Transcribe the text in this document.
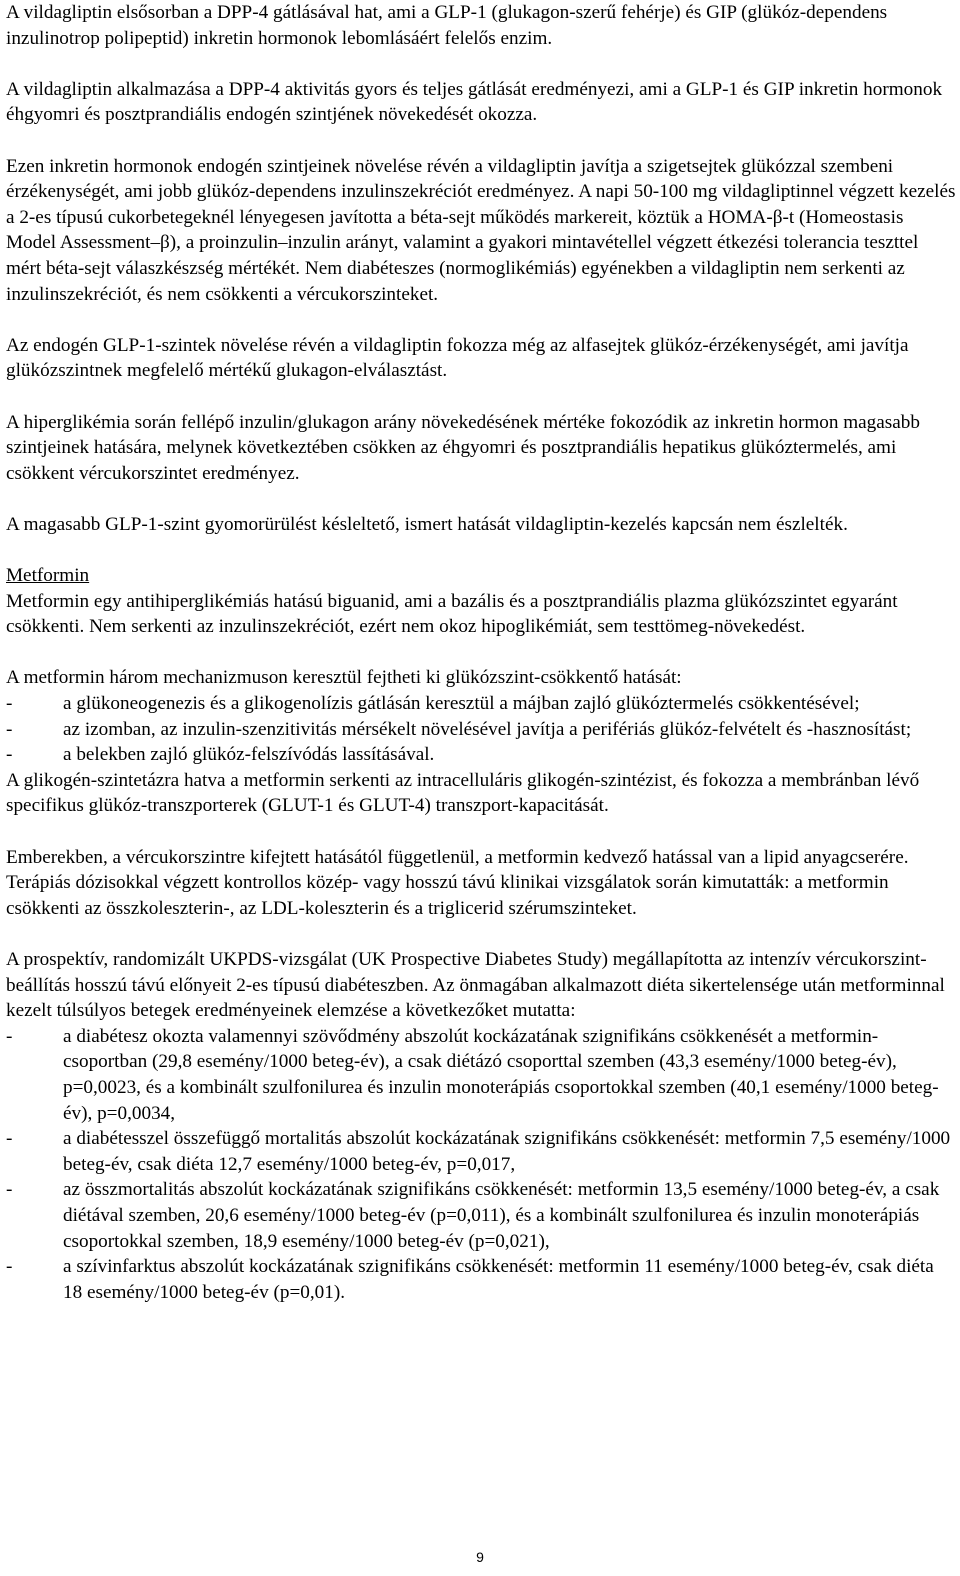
A vildagliptin elsősorban a DPP-4 gátlásával hat, ami a GLP-1 (glukagon-szerű fehérje) és GIP (glükóz-dependens inzulinotrop polipeptid) inkretin hormonok lebomlásáért felelős enzim.

A vildagliptin alkalmazása a DPP-4 aktivitás gyors és teljes gátlását eredményezi, ami a GLP-1 és GIP inkretin hormonok éhgyomri és posztprandiális endogén szintjének növekedését okozza.

Ezen inkretin hormonok endogén szintjeinek növelése révén a vildagliptin javítja a szigetsejtek glükózzal szembeni érzékenységét, ami jobb glükóz-dependens inzulinszekréciót eredményez. A napi 50-100 mg vildagliptinnel végzett kezelés a 2-es típusú cukorbetegeknél lényegesen javította a béta-sejt működés markereit, köztük a HOMA-β-t (Homeostasis Model Assessment–β), a proinzulin–inzulin arányt, valamint a gyakori mintavétellel végzett étkezési tolerancia teszttel mért béta-sejt válaszkészség mértékét. Nem diabéteszes (normoglikémiás) egyénekben a vildagliptin nem serkenti az inzulinszekréciót, és nem csökkenti a vércukorszinteket.

Az endogén GLP-1-szintek növelése révén a vildagliptin fokozza még az alfasejtek glükóz-érzékenységét, ami javítja glükózszintnek megfelelő mértékű glukagon-elválasztást.

A hiperglikémia során fellépő inzulin/glukagon arány növekedésének mértéke fokozódik az inkretin hormon magasabb szintjeinek hatására, melynek következtében csökken az éhgyomri és posztprandiális hepatikus glükóztermelés, ami csökkent vércukorszintet eredményez.

A magasabb GLP-1-szint gyomorürülést késleltető, ismert hatását vildagliptin-kezelés kapcsán nem észlelték.

Metformin

Metformin egy antihiperglikémiás hatású biguanid, ami a bazális és a posztprandiális plazma glükózszintet egyaránt csökkenti. Nem serkenti az inzulinszekréciót, ezért nem okoz hipoglikémiát, sem testtömeg-növekedést.

A metformin három mechanizmuson keresztül fejtheti ki glükózszint-csökkentő hatását:

- a glükoneogenezis és a glikogenolízis gátlásán keresztül a májban zajló glükóztermelés csökkentésével;
- az izomban, az inzulin-szenzitivitás mérsékelt növelésével javítja a perifériás glükóz-felvételt és -hasznosítást;
- a belekben zajló glükóz-felszívódás lassításával.

A glikogén-szintetázra hatva a metformin serkenti az intracelluláris glikogén-szintézist, és fokozza a membránban lévő specifikus glükóz-transzporterek (GLUT-1 és GLUT-4) transzport-kapacitását.

Emberekben, a vércukorszintre kifejtett hatásától függetlenül, a metformin kedvező hatással van a lipid anyagcserére. Terápiás dózisokkal végzett kontrollos közép- vagy hosszú távú klinikai vizsgálatok során kimutatták: a metformin csökkenti az összkoleszterin-, az LDL-koleszterin és a triglicerid szérumszinteket.

A prospektív, randomizált UKPDS-vizsgálat (UK Prospective Diabetes Study) megállapította az intenzív vércukorszint-beállítás hosszú távú előnyeit 2-es típusú diabéteszben. Az önmagában alkalmazott diéta sikertelensége után metforminnal kezelt túlsúlyos betegek eredményeinek elemzése a következőket mutatta:

- a diabétesz okozta valamennyi szövődmény abszolút kockázatának szignifikáns csökkenését a metformin-csoportban (29,8 esemény/1000 beteg-év), a csak diétázó csoporttal szemben (43,3 esemény/1000 beteg-év), p=0,0023, és a kombinált szulfonilurea és inzulin monoterápiás csoportokkal szemben (40,1 esemény/1000 beteg-év), p=0,0034,
- a diabétesszel összefüggő mortalitás abszolút kockázatának szignifikáns csökkenését: metformin 7,5 esemény/1000 beteg-év, csak diéta 12,7 esemény/1000 beteg-év, p=0,017,
- az összmortalitás abszolút kockázatának szignifikáns csökkenését: metformin 13,5 esemény/1000 beteg-év, a csak diétával szemben, 20,6 esemény/1000 beteg-év (p=0,011), és a kombinált szulfonilurea és inzulin monoterápiás csoportokkal szemben, 18,9 esemény/1000 beteg-év (p=0,021),
- a szívinfarktus abszolút kockázatának szignifikáns csökkenését: metformin 11 esemény/1000 beteg-év, csak diéta 18 esemény/1000 beteg-év (p=0,01).
9
